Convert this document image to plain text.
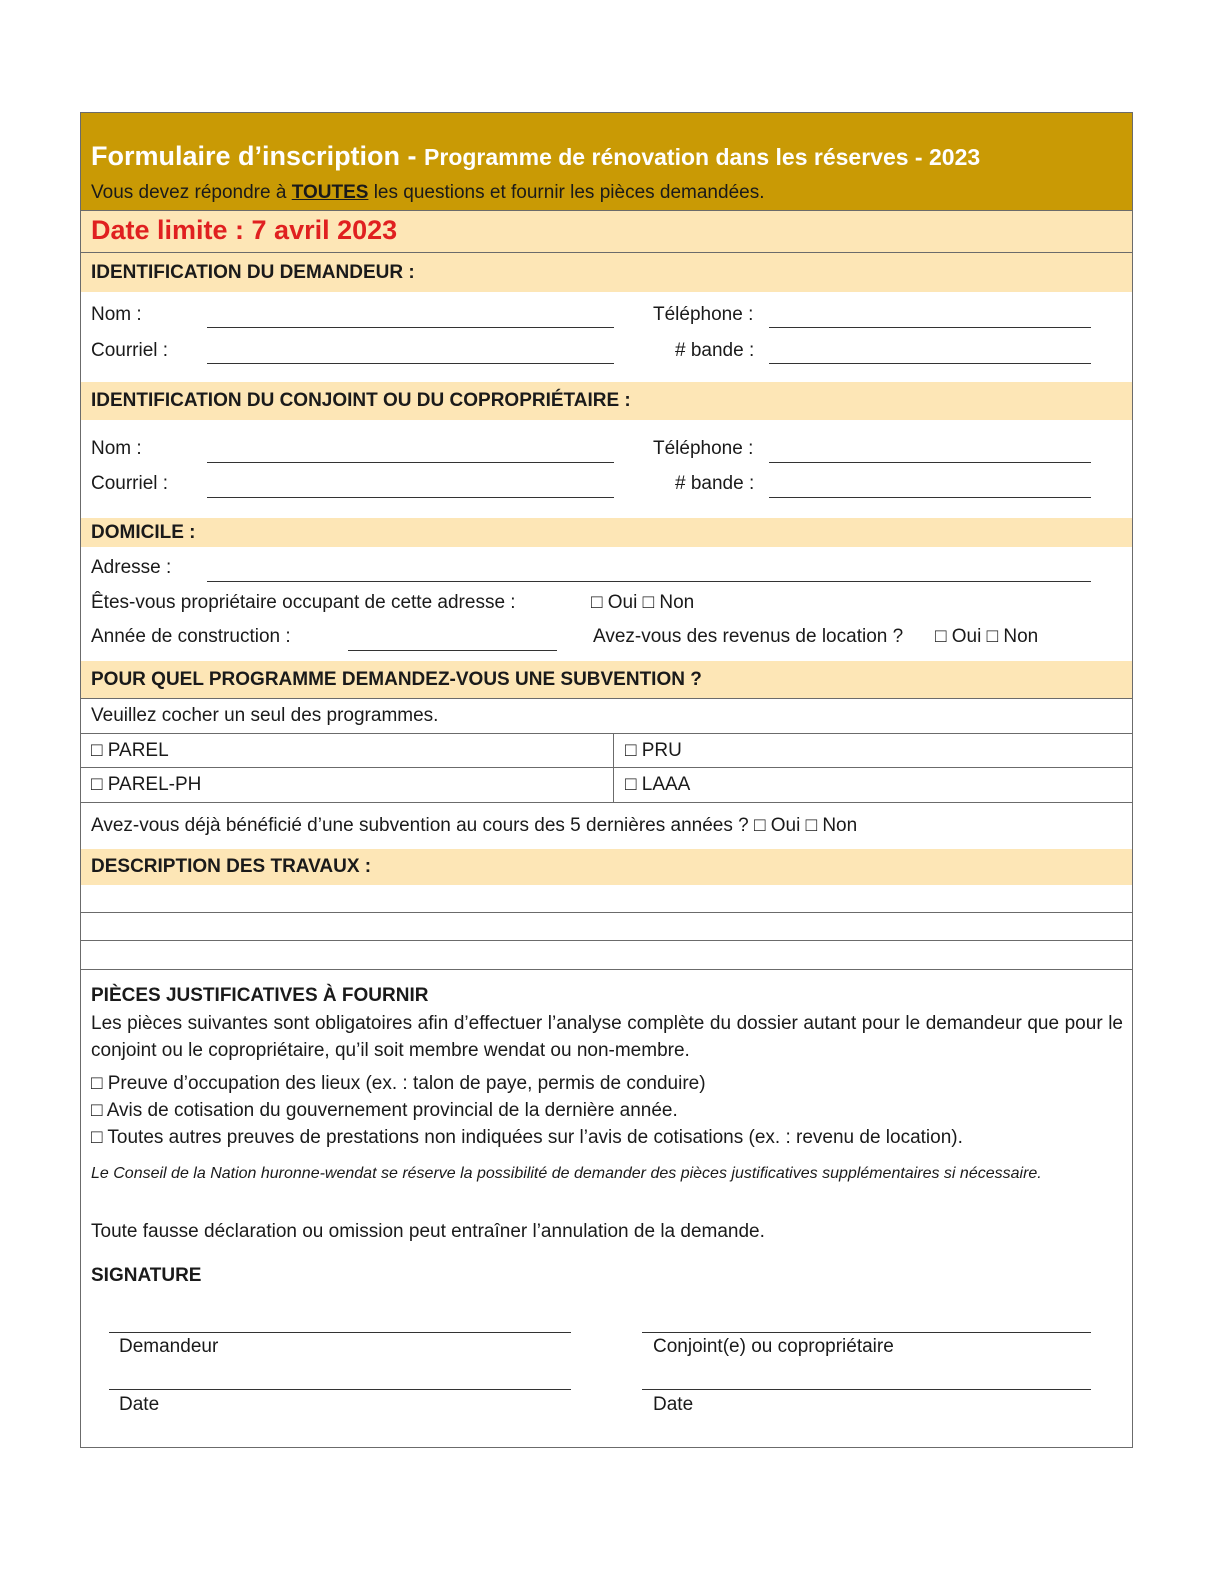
Formulaire d’inscription - Programme de rénovation dans les réserves - 2023
Vous devez répondre à TOUTES les questions et fournir les pièces demandées.
Date limite : 7 avril 2023
IDENTIFICATION DU DEMANDEUR :
Nom :	Téléphone :
Courriel :	# bande :
IDENTIFICATION DU CONJOINT OU DU COPROPRIÉTAIRE :
Nom :	Téléphone :
Courriel :	# bande :
DOMICILE :
Adresse :
Êtes-vous propriétaire occupant de cette adresse :	□ Oui □ Non
Année de construction :	Avez-vous des revenus de location ? □ Oui □ Non
POUR QUEL PROGRAMME DEMANDEZ-VOUS UNE SUBVENTION ?
Veuillez cocher un seul des programmes.
□ PAREL	□ PRU
□ PAREL-PH	□ LAAA
Avez-vous déjà bénéficié d’une subvention au cours des 5 dernières années ? □ Oui □ Non
DESCRIPTION DES TRAVAUX :
PIÈCES JUSTIFICATIVES À FOURNIR
Les pièces suivantes sont obligatoires afin d’effectuer l’analyse complète du dossier autant pour le demandeur que pour le conjoint ou le copropriétaire, qu’il soit membre wendat ou non-membre.
□ Preuve d’occupation des lieux (ex. : talon de paye, permis de conduire)
□ Avis de cotisation du gouvernement provincial de la dernière année.
□ Toutes autres preuves de prestations non indiquées sur l’avis de cotisations (ex. : revenu de location).
Le Conseil de la Nation huronne-wendat se réserve la possibilité de demander des pièces justificatives supplémentaires si nécessaire.
Toute fausse déclaration ou omission peut entraîner l’annulation de la demande.
SIGNATURE
Demandeur	Conjoint(e) ou copropriétaire
Date	Date
